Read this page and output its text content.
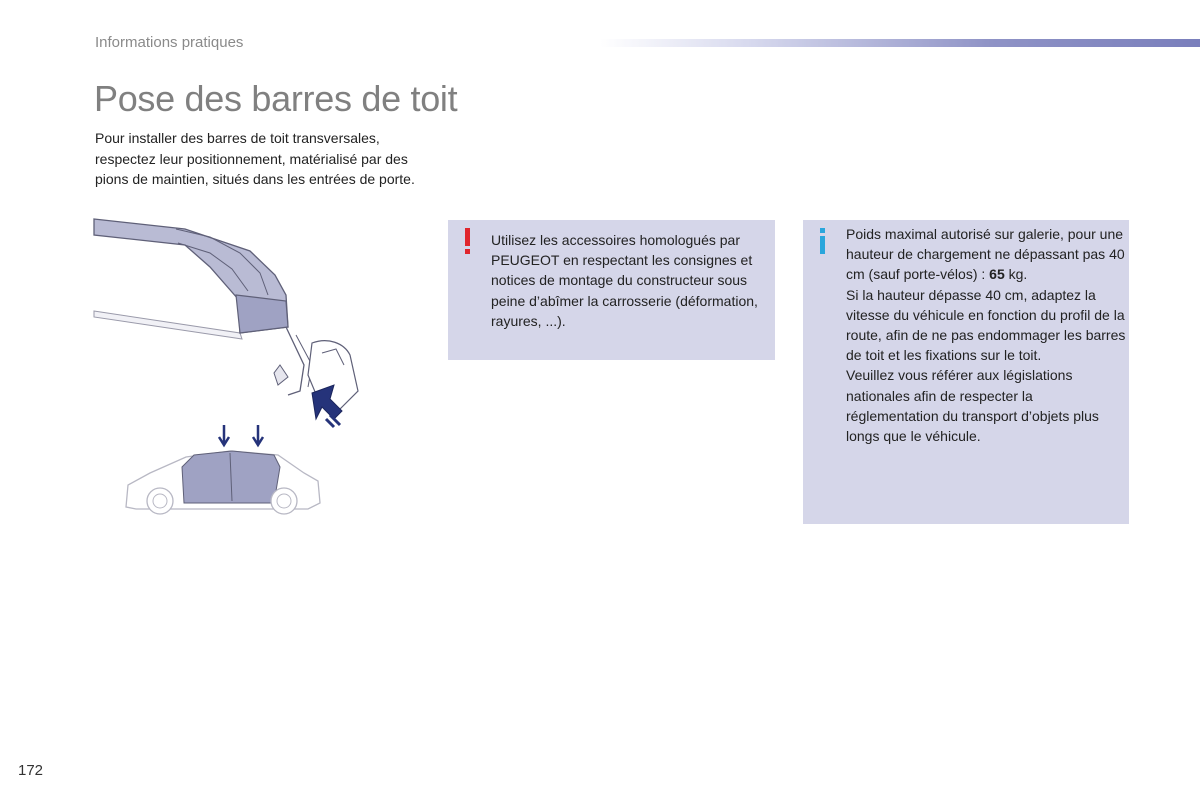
Informations pratiques
Pose des barres de toit

Pour installer des barres de toit transversales, respectez leur positionnement, matérialisé par des pions de maintien, situés dans les entrées de porte.

Utilisez les accessoires homologués par PEUGEOT en respectant les consignes et notices de montage du constructeur sous peine d’abîmer la carrosserie (déformation, rayures, ...).

Poids maximal autorisé sur galerie, pour une hauteur de chargement ne dépassant pas 40 cm (sauf porte-vélos) : 65 kg.

Si la hauteur dépasse 40 cm, adaptez la vitesse du véhicule en fonction du profil de la route, afin de ne pas endommager les barres de toit et les fixations sur le toit.

Veuillez vous référer aux législations nationales afin de respecter la réglementation du transport d’objets plus longs que le véhicule.

172
